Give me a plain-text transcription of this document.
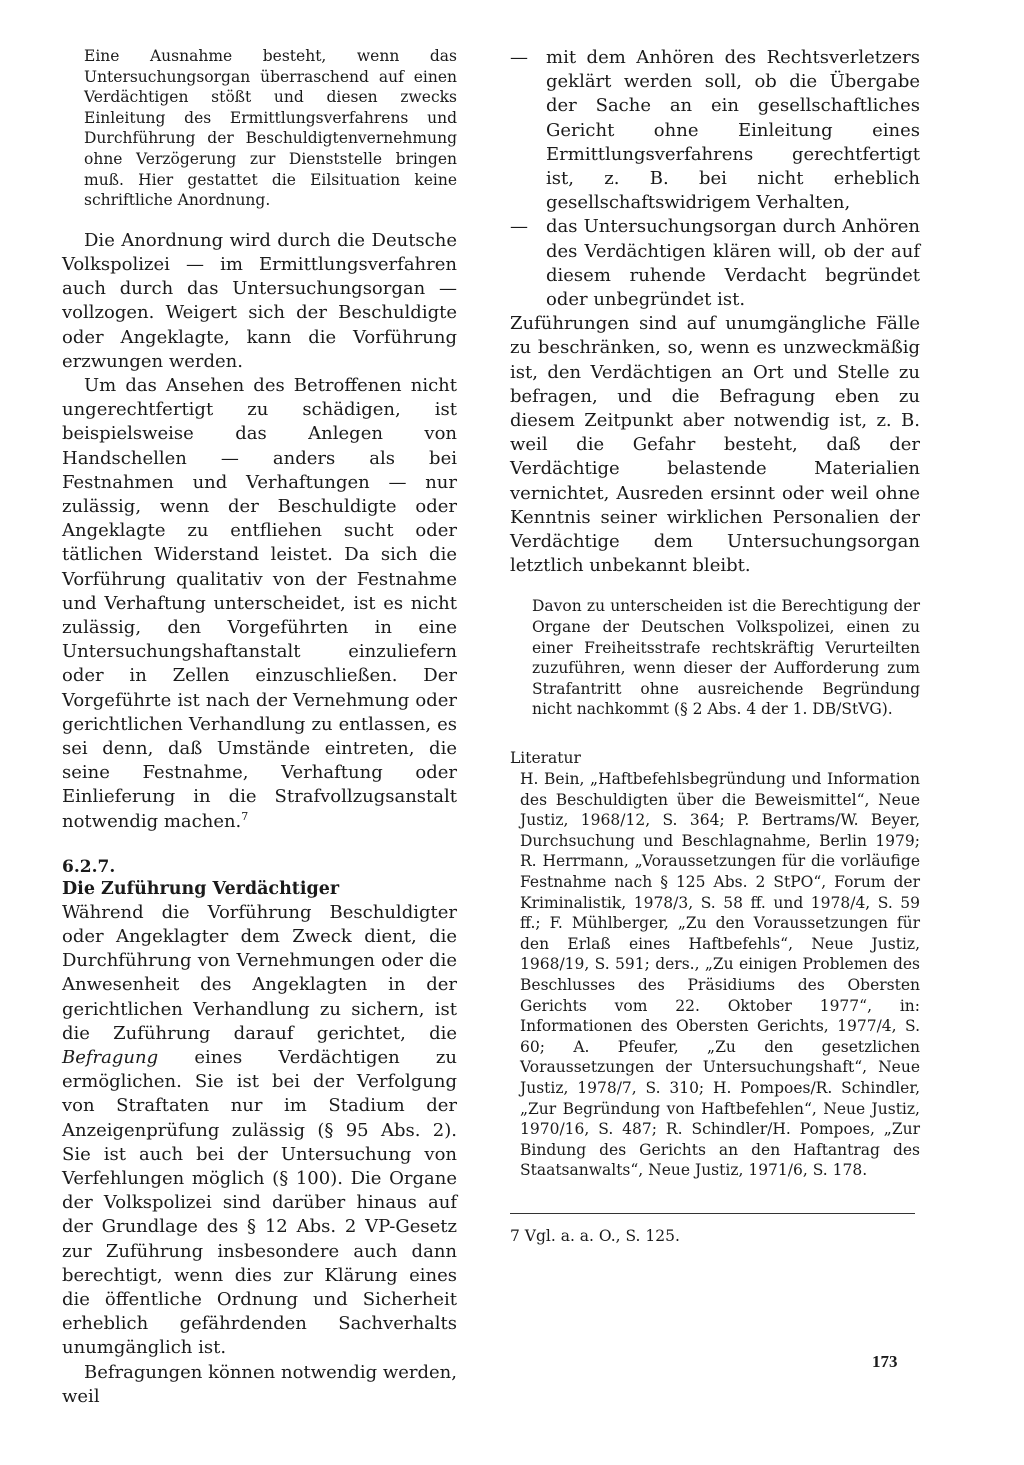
Eine Ausnahme besteht, wenn das Untersuchungsorgan überraschend auf einen Verdächtigen stößt und diesen zwecks Einleitung des Ermittlungsverfahrens und Durchführung der Beschuldigtenvernehmung ohne Verzögerung zur Dienststelle bringen muß. Hier gestattet die Eilsituation keine schriftliche Anordnung.

Die Anordnung wird durch die Deutsche Volkspolizei — im Ermittlungsverfahren auch durch das Untersuchungsorgan — vollzogen. Weigert sich der Beschuldigte oder Angeklagte, kann die Vorführung erzwungen werden.

Um das Ansehen des Betroffenen nicht ungerechtfertigt zu schädigen, ist beispielsweise das Anlegen von Handschellen — anders als bei Festnahmen und Verhaftungen — nur zulässig, wenn der Beschuldigte oder Angeklagte zu entfliehen sucht oder tätlichen Widerstand leistet. Da sich die Vorführung qualitativ von der Festnahme und Verhaftung unterscheidet, ist es nicht zulässig, den Vorgeführten in eine Untersuchungshaftanstalt einzuliefern oder in Zellen einzuschließen. Der Vorgeführte ist nach der Vernehmung oder gerichtlichen Verhandlung zu entlassen, es sei denn, daß Umstände eintreten, die seine Festnahme, Verhaftung oder Einlieferung in die Strafvollzugsanstalt notwendig machen.$^7$

6.2.7.
Die Zuführung Verdächtiger

Während die Vorführung Beschuldigter oder Angeklagter dem Zweck dient, die Durchführung von Vernehmungen oder die Anwesenheit des Angeklagten in der gerichtlichen Verhandlung zu sichern, ist die Zuführung darauf gerichtet, die Befragung eines Verdächtigen zu ermöglichen. Sie ist bei der Verfolgung von Straftaten nur im Stadium der Anzeigenprüfung zulässig (§ 95 Abs. 2). Sie ist auch bei der Untersuchung von Verfehlungen möglich (§ 100). Die Organe der Volkspolizei sind darüber hinaus auf der Grundlage des § 12 Abs. 2 VP-Gesetz zur Zuführung insbesondere auch dann berechtigt, wenn dies zur Klärung eines die öffentliche Ordnung und Sicherheit erheblich gefährdenden Sachverhalts unumgänglich ist.

Befragungen können notwendig werden, weil

—	mit dem Anhören des Rechtsverletzers geklärt werden soll, ob die Übergabe der Sache an ein gesellschaftliches Gericht ohne Einleitung eines Ermittlungsverfahrens gerechtfertigt ist, z. B. bei nicht erheblich gesellschaftswidrigem Verhalten,
—	das Untersuchungsorgan durch Anhören des Verdächtigen klären will, ob der auf diesem ruhende Verdacht begründet oder unbegründet ist.

Zuführungen sind auf unumgängliche Fälle zu beschränken, so, wenn es unzweckmäßig ist, den Verdächtigen an Ort und Stelle zu befragen, und die Befragung eben zu diesem Zeitpunkt aber notwendig ist, z. B. weil die Gefahr besteht, daß der Verdächtige belastende Materialien vernichtet, Ausreden ersinnt oder weil ohne Kenntnis seiner wirklichen Personalien der Verdächtige dem Untersuchungsorgan letztlich unbekannt bleibt.

Davon zu unterscheiden ist die Berechtigung der Organe der Deutschen Volkspolizei, einen zu einer Freiheitsstrafe rechtskräftig Verurteilten zuzuführen, wenn dieser der Aufforderung zum Strafantritt ohne ausreichende Begründung nicht nachkommt (§ 2 Abs. 4 der 1. DB/StVG).

Literatur

H. Bein, „Haftbefehlsbegründung und Information des Beschuldigten über die Beweismittel“, Neue Justiz, 1968/12, S. 364; P. Bertrams/W. Beyer, Durchsuchung und Beschlagnahme, Berlin 1979; R. Herrmann, „Voraussetzungen für die vorläufige Festnahme nach § 125 Abs. 2 StPO“, Forum der Kriminalistik, 1978/3, S. 58 ff. und 1978/4, S. 59 ff.; F. Mühlberger, „Zu den Voraussetzungen für den Erlaß eines Haftbefehls“, Neue Justiz, 1968/19, S. 591; ders., „Zu einigen Problemen des Beschlusses des Präsidiums des Obersten Gerichts vom 22. Oktober 1977“, in: Informationen des Obersten Gerichts, 1977/4, S. 60; A. Pfeufer, „Zu den gesetzlichen Voraussetzungen der Untersuchungshaft“, Neue Justiz, 1978/7, S. 310; H. Pompoes/R. Schindler, „Zur Begründung von Haftbefehlen“, Neue Justiz, 1970/16, S. 487; R. Schindler/H. Pompoes, „Zur Bindung des Gerichts an den Haftantrag des Staatsanwalts“, Neue Justiz, 1971/6, S. 178.

7 Vgl. a. a. O., S. 125.

173
